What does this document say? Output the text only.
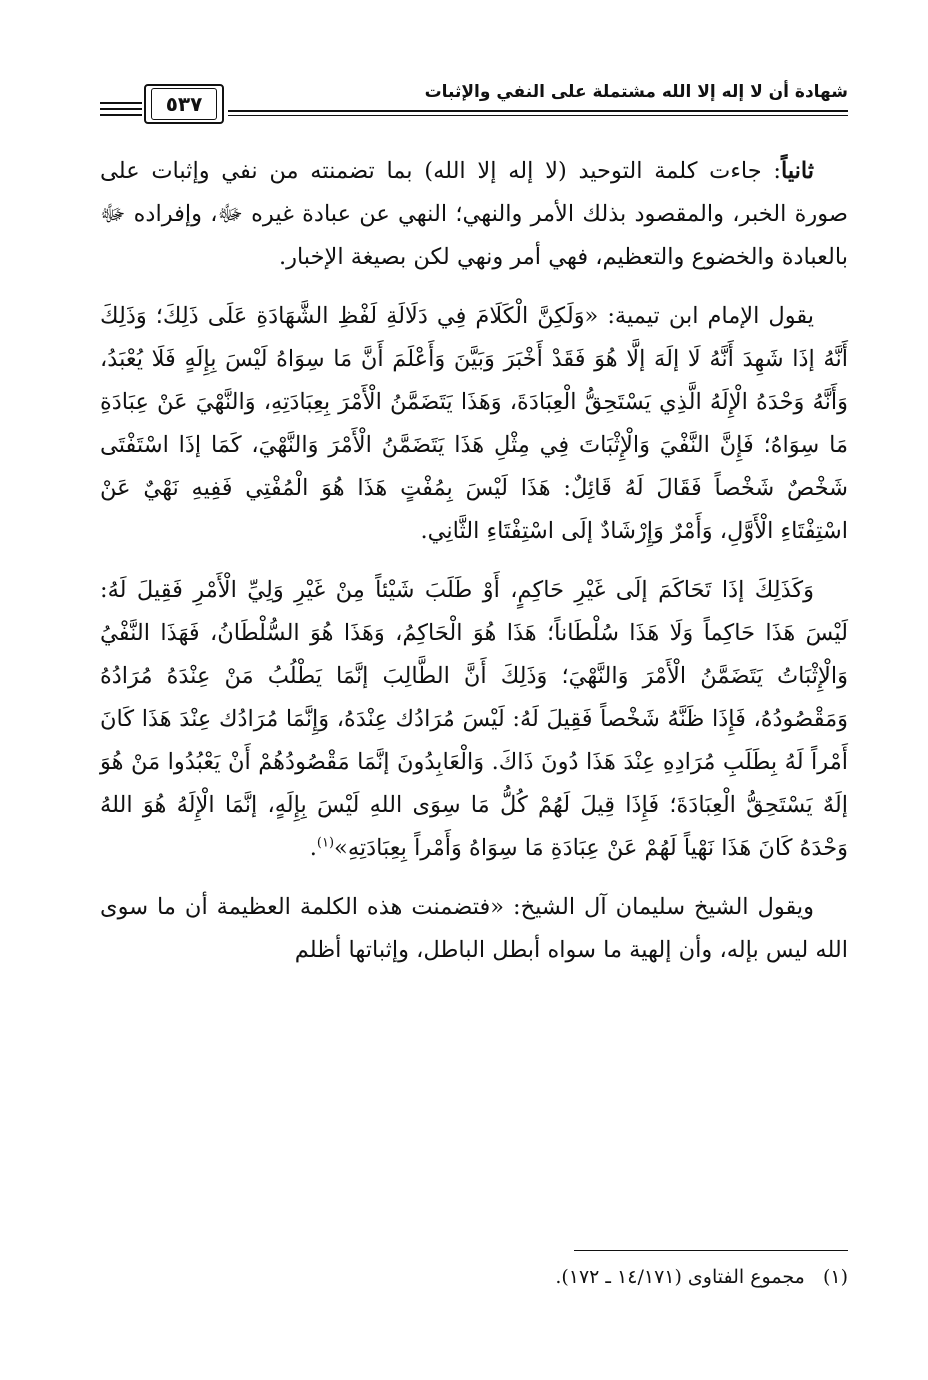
شهادة أن لا إله إلا الله مشتملة على النفي والإثبات
٥٣٧

ثانياً: جاءت كلمة التوحيد (لا إله إلا الله) بما تضمنته من نفي وإثبات على صورة الخبر، والمقصود بذلك الأمر والنهي؛ النهي عن عبادة غيره ﷻ، وإفراده ﷻ بالعبادة والخضوع والتعظيم، فهي أمر ونهي لكن بصيغة الإخبار.

يقول الإمام ابن تيمية: «وَلَكِنَّ الْكَلَامَ فِي دَلَالَةِ لَفْظِ الشَّهَادَةِ عَلَى ذَلِكَ؛ وَذَلِكَ أَنَّهُ إذَا شَهِدَ أَنَّهُ لَا إلَهَ إلَّا هُوَ فَقَدْ أَخْبَرَ وَبَيَّنَ وَأَعْلَمَ أَنَّ مَا سِوَاهُ لَيْسَ بِإِلَهٍ فَلَا يُعْبَدُ، وَأَنَّهُ وَحْدَهُ الْإِلَهُ الَّذِي يَسْتَحِقُّ الْعِبَادَةَ، وَهَذَا يَتَضَمَّنُ الْأَمْرَ بِعِبَادَتِهِ، وَالنَّهْيَ عَنْ عِبَادَةِ مَا سِوَاهُ؛ فَإِنَّ النَّفْيَ وَالْإِثْبَاتَ فِي مِثْلِ هَذَا يَتَضَمَّنُ الْأَمْرَ وَالنَّهْيَ، كَمَا إذَا اسْتَفْتَى شَخْصٌ شَخْصاً فَقَالَ لَهُ قَائِلٌ: هَذَا لَيْسَ بِمُفْتٍ هَذَا هُوَ الْمُفْتِي فَفِيهِ نَهْيٌ عَنْ اسْتِفْتَاءِ الْأَوَّلِ، وَأَمْرٌ وَإِرْشَادٌ إلَى اسْتِفْتَاءِ الثَّانِي.

وَكَذَلِكَ إذَا تَحَاكَمَ إلَى غَيْرِ حَاكِمٍ، أَوْ طَلَبَ شَيْئاً مِنْ غَيْرِ وَلِيِّ الْأَمْرِ فَقِيلَ لَهُ: لَيْسَ هَذَا حَاكِماً وَلَا هَذَا سُلْطَاناً؛ هَذَا هُوَ الْحَاكِمُ، وَهَذَا هُوَ السُّلْطَانُ، فَهَذَا النَّفْيُ وَالْإِثْبَاتُ يَتَضَمَّنُ الْأَمْرَ وَالنَّهْيَ؛ وَذَلِكَ أَنَّ الطَّالِبَ إنَّمَا يَطْلُبُ مَنْ عِنْدَهُ مُرَادُهُ وَمَقْصُودُهُ، فَإِذَا ظَنَّهُ شَخْصاً فَقِيلَ لَهُ: لَيْسَ مُرَادُك عِنْدَهُ، وَإِنَّمَا مُرَادُك عِنْدَ هَذَا كَانَ أَمْراً لَهُ بِطَلَبِ مُرَادِهِ عِنْدَ هَذَا دُونَ ذَاكَ. وَالْعَابِدُونَ إنَّمَا مَقْصُودُهُمْ أَنْ يَعْبُدُوا مَنْ هُوَ إلَهٌ يَسْتَحِقُّ الْعِبَادَةَ؛ فَإِذَا قِيلَ لَهُمْ كُلُّ مَا سِوَى اللهِ لَيْسَ بِإِلَهٍ، إنَّمَا الْإِلَهُ هُوَ اللهُ وَحْدَهُ كَانَ هَذَا نَهْياً لَهُمْ عَنْ عِبَادَةِ مَا سِوَاهُ وَأَمْراً بِعِبَادَتِهِ»$^{(١)}$.

ويقول الشيخ سليمان آل الشيخ: «فتضمنت هذه الكلمة العظيمة أن ما سوى الله ليس بإله، وأن إلهية ما سواه أبطل الباطل، وإثباتها أظلم

(١)   مجموع الفتاوى (١٤/١٧١ ـ ١٧٢).
